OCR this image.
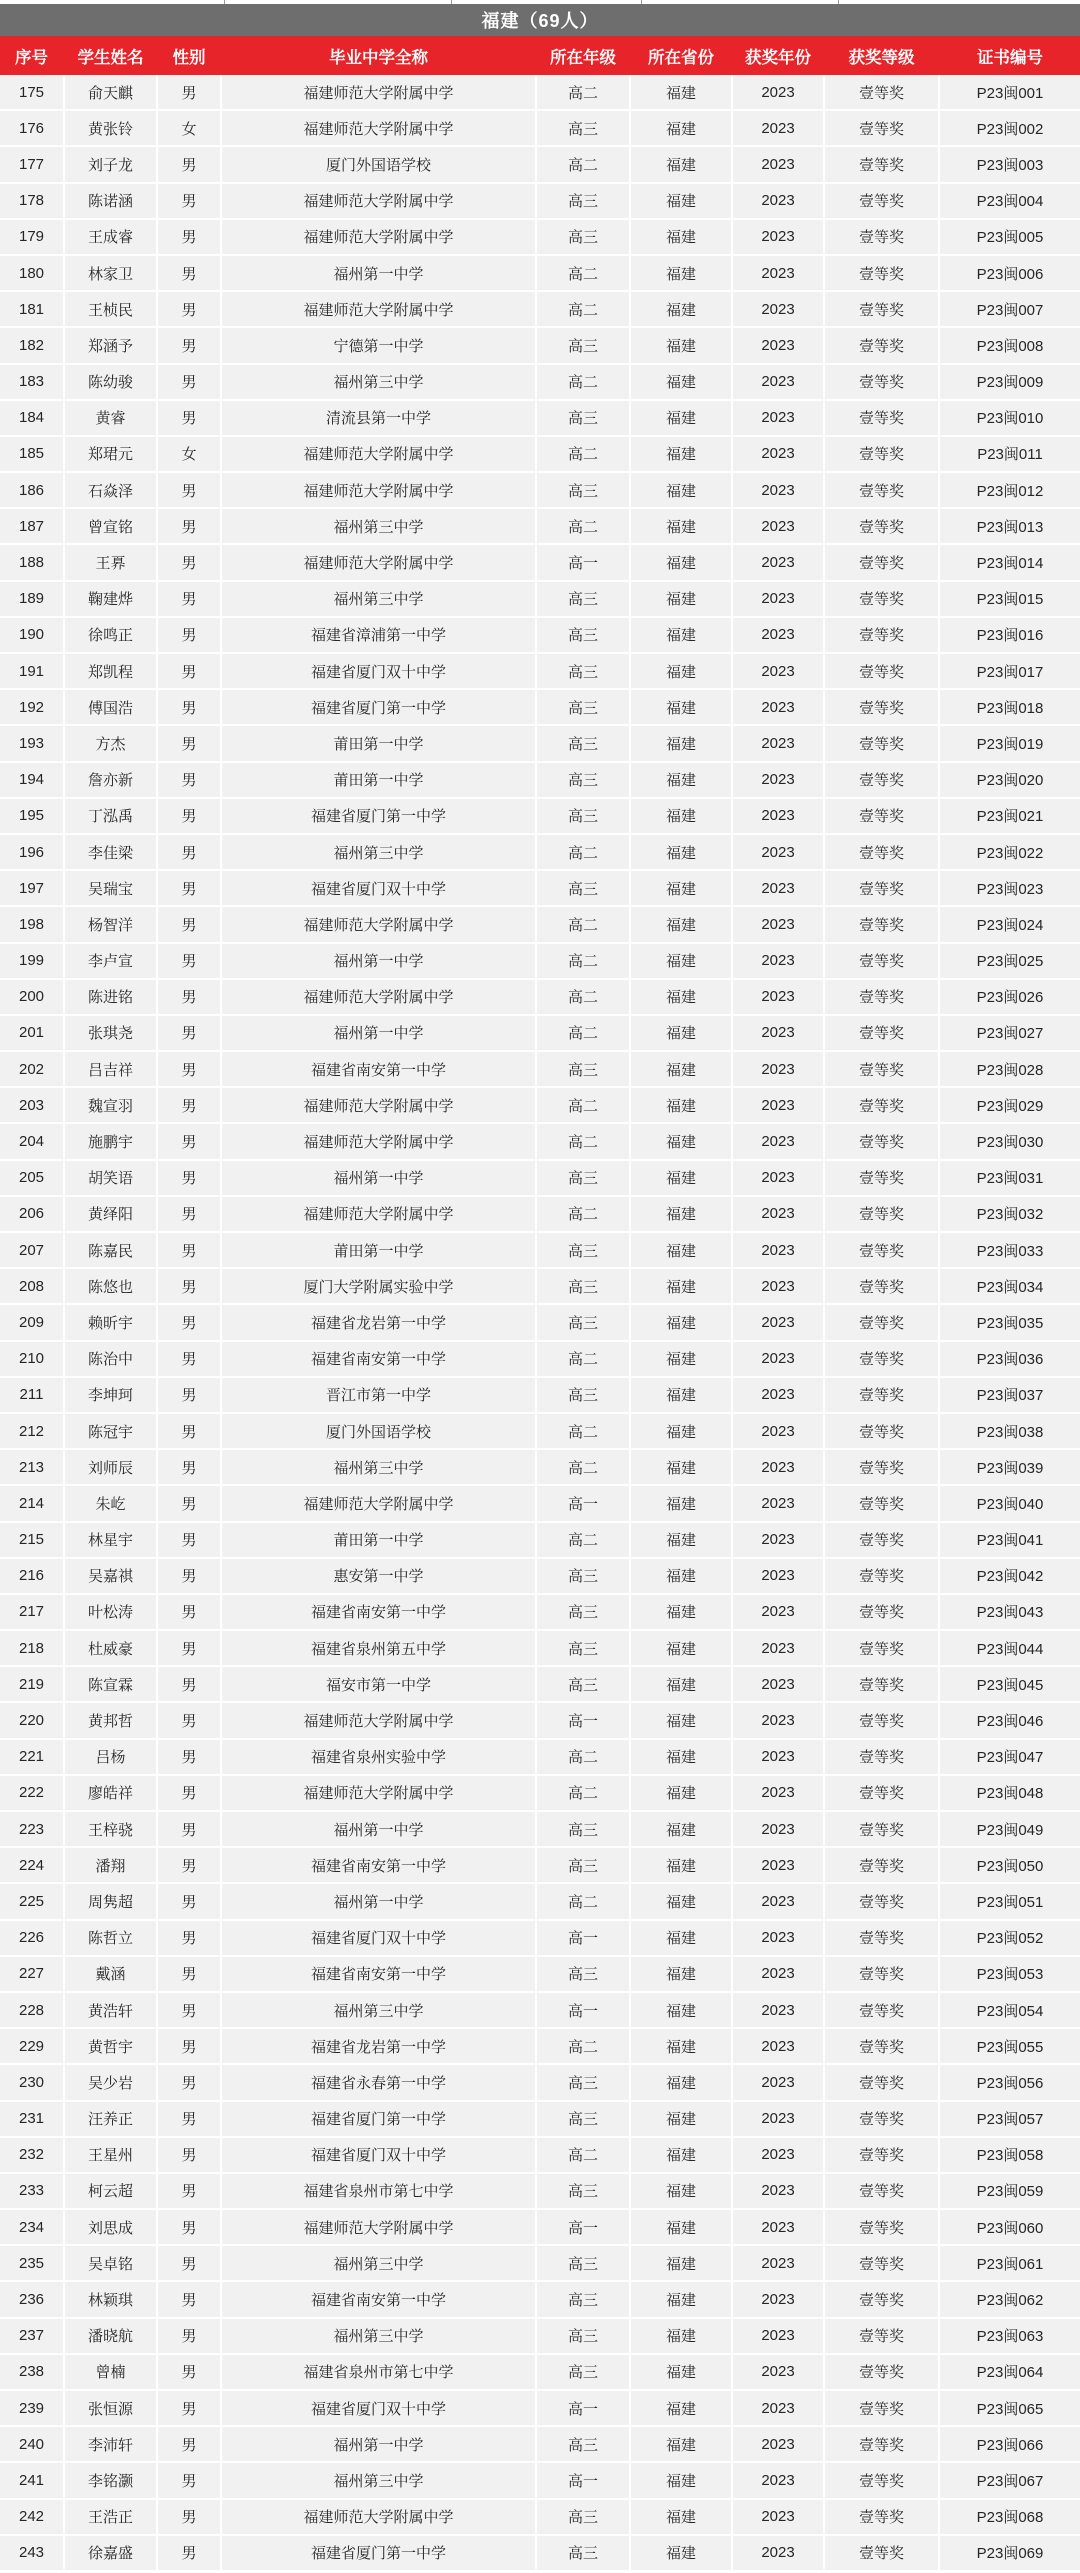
福建（69人）
序号	学生姓名	性别	毕业中学全称	所在年级	所在省份	获奖年份	获奖等级	证书编号
175	俞天麒	男	福建师范大学附属中学	高二	福建	2023	壹等奖	P23闽001
176	黄张铃	女	福建师范大学附属中学	高三	福建	2023	壹等奖	P23闽002
177	刘子龙	男	厦门外国语学校	高二	福建	2023	壹等奖	P23闽003
178	陈诺涵	男	福建师范大学附属中学	高三	福建	2023	壹等奖	P23闽004
179	王成睿	男	福建师范大学附属中学	高三	福建	2023	壹等奖	P23闽005
180	林家卫	男	福州第一中学	高二	福建	2023	壹等奖	P23闽006
181	王桢民	男	福建师范大学附属中学	高二	福建	2023	壹等奖	P23闽007
182	郑涵予	男	宁德第一中学	高三	福建	2023	壹等奖	P23闽008
183	陈幼骏	男	福州第三中学	高二	福建	2023	壹等奖	P23闽009
184	黄睿	男	清流县第一中学	高三	福建	2023	壹等奖	P23闽010
185	郑珺元	女	福建师范大学附属中学	高二	福建	2023	壹等奖	P23闽011
186	石焱泽	男	福建师范大学附属中学	高三	福建	2023	壹等奖	P23闽012
187	曾宣铭	男	福州第三中学	高二	福建	2023	壹等奖	P23闽013
188	王奡	男	福建师范大学附属中学	高一	福建	2023	壹等奖	P23闽014
189	鞠建烨	男	福州第三中学	高三	福建	2023	壹等奖	P23闽015
190	徐鸣正	男	福建省漳浦第一中学	高三	福建	2023	壹等奖	P23闽016
191	郑凯程	男	福建省厦门双十中学	高三	福建	2023	壹等奖	P23闽017
192	傅国浩	男	福建省厦门第一中学	高三	福建	2023	壹等奖	P23闽018
193	方杰	男	莆田第一中学	高三	福建	2023	壹等奖	P23闽019
194	詹亦新	男	莆田第一中学	高三	福建	2023	壹等奖	P23闽020
195	丁泓禹	男	福建省厦门第一中学	高三	福建	2023	壹等奖	P23闽021
196	李佳梁	男	福州第三中学	高二	福建	2023	壹等奖	P23闽022
197	吴瑞宝	男	福建省厦门双十中学	高三	福建	2023	壹等奖	P23闽023
198	杨智洋	男	福建师范大学附属中学	高二	福建	2023	壹等奖	P23闽024
199	李卢宣	男	福州第一中学	高二	福建	2023	壹等奖	P23闽025
200	陈进铭	男	福建师范大学附属中学	高二	福建	2023	壹等奖	P23闽026
201	张琪尧	男	福州第一中学	高二	福建	2023	壹等奖	P23闽027
202	吕吉祥	男	福建省南安第一中学	高三	福建	2023	壹等奖	P23闽028
203	魏宣羽	男	福建师范大学附属中学	高二	福建	2023	壹等奖	P23闽029
204	施鹏宇	男	福建师范大学附属中学	高二	福建	2023	壹等奖	P23闽030
205	胡笑语	男	福州第一中学	高三	福建	2023	壹等奖	P23闽031
206	黄绎阳	男	福建师范大学附属中学	高二	福建	2023	壹等奖	P23闽032
207	陈嘉民	男	莆田第一中学	高三	福建	2023	壹等奖	P23闽033
208	陈悠也	男	厦门大学附属实验中学	高三	福建	2023	壹等奖	P23闽034
209	赖昕宇	男	福建省龙岩第一中学	高三	福建	2023	壹等奖	P23闽035
210	陈治中	男	福建省南安第一中学	高二	福建	2023	壹等奖	P23闽036
211	李坤珂	男	晋江市第一中学	高三	福建	2023	壹等奖	P23闽037
212	陈冠宇	男	厦门外国语学校	高二	福建	2023	壹等奖	P23闽038
213	刘师辰	男	福州第三中学	高二	福建	2023	壹等奖	P23闽039
214	朱屹	男	福建师范大学附属中学	高一	福建	2023	壹等奖	P23闽040
215	林星宇	男	莆田第一中学	高二	福建	2023	壹等奖	P23闽041
216	吴嘉祺	男	惠安第一中学	高三	福建	2023	壹等奖	P23闽042
217	叶松涛	男	福建省南安第一中学	高三	福建	2023	壹等奖	P23闽043
218	杜威豪	男	福建省泉州第五中学	高三	福建	2023	壹等奖	P23闽044
219	陈宣霖	男	福安市第一中学	高三	福建	2023	壹等奖	P23闽045
220	黄邦哲	男	福建师范大学附属中学	高一	福建	2023	壹等奖	P23闽046
221	吕杨	男	福建省泉州实验中学	高二	福建	2023	壹等奖	P23闽047
222	廖皓祥	男	福建师范大学附属中学	高二	福建	2023	壹等奖	P23闽048
223	王梓骁	男	福州第一中学	高三	福建	2023	壹等奖	P23闽049
224	潘翔	男	福建省南安第一中学	高三	福建	2023	壹等奖	P23闽050
225	周隽超	男	福州第一中学	高二	福建	2023	壹等奖	P23闽051
226	陈哲立	男	福建省厦门双十中学	高一	福建	2023	壹等奖	P23闽052
227	戴涵	男	福建省南安第一中学	高三	福建	2023	壹等奖	P23闽053
228	黄浩轩	男	福州第三中学	高一	福建	2023	壹等奖	P23闽054
229	黄哲宇	男	福建省龙岩第一中学	高二	福建	2023	壹等奖	P23闽055
230	吴少岩	男	福建省永春第一中学	高三	福建	2023	壹等奖	P23闽056
231	汪养正	男	福建省厦门第一中学	高三	福建	2023	壹等奖	P23闽057
232	王星州	男	福建省厦门双十中学	高二	福建	2023	壹等奖	P23闽058
233	柯云超	男	福建省泉州市第七中学	高三	福建	2023	壹等奖	P23闽059
234	刘思成	男	福建师范大学附属中学	高一	福建	2023	壹等奖	P23闽060
235	吴卓铭	男	福州第三中学	高三	福建	2023	壹等奖	P23闽061
236	林颖琪	男	福建省南安第一中学	高三	福建	2023	壹等奖	P23闽062
237	潘晓航	男	福州第三中学	高三	福建	2023	壹等奖	P23闽063
238	曾楠	男	福建省泉州市第七中学	高三	福建	2023	壹等奖	P23闽064
239	张恒源	男	福建省厦门双十中学	高一	福建	2023	壹等奖	P23闽065
240	李沛轩	男	福州第一中学	高三	福建	2023	壹等奖	P23闽066
241	李铭灏	男	福州第三中学	高一	福建	2023	壹等奖	P23闽067
242	王浩正	男	福建师范大学附属中学	高三	福建	2023	壹等奖	P23闽068
243	徐嘉盛	男	福建省厦门第一中学	高三	福建	2023	壹等奖	P23闽069
